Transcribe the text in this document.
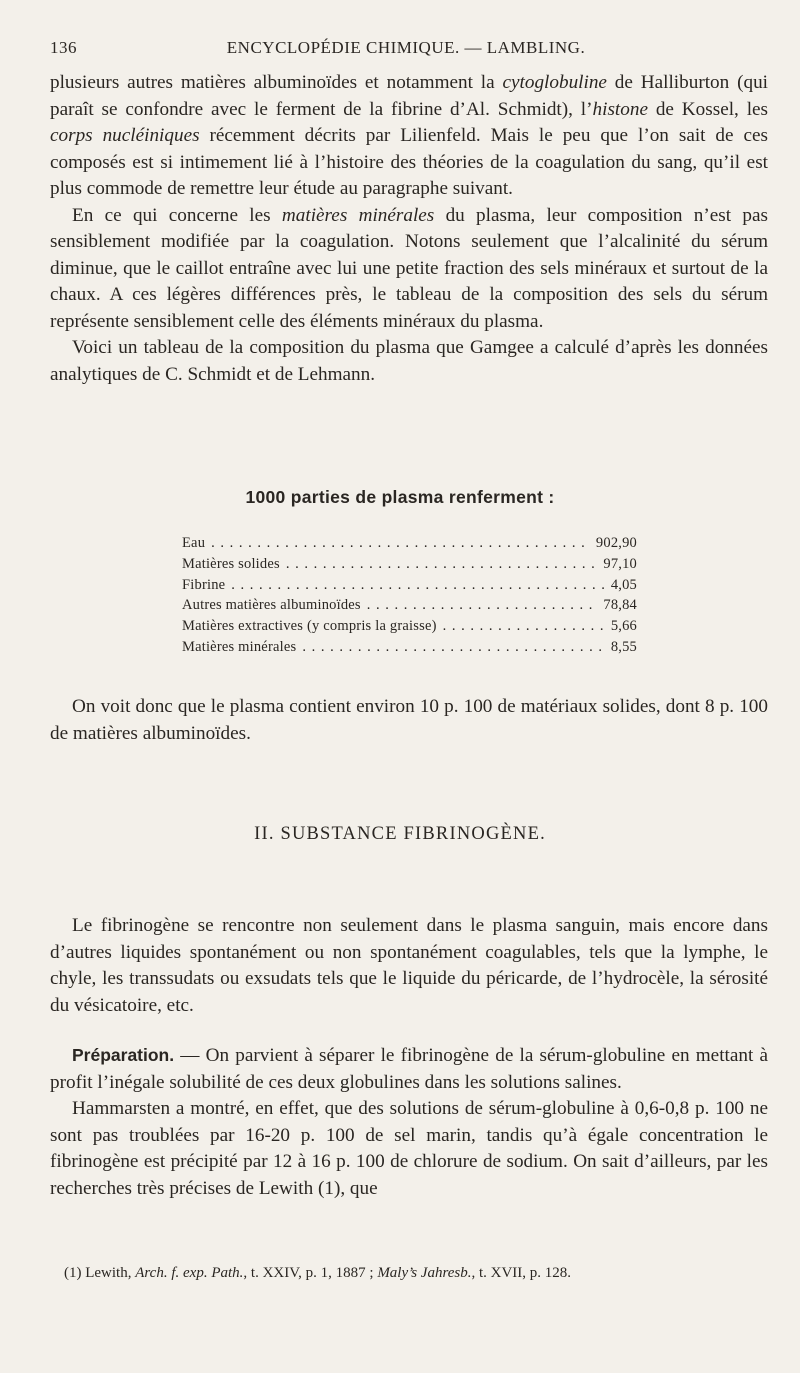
136	ENCYCLOPÉDIE CHIMIQUE. — LAMBLING.

plusieurs autres matières albuminoïdes et notamment la cytoglobuline de Halliburton (qui paraît se confondre avec le ferment de la fibrine d’Al. Schmidt), l’histone de Kossel, les corps nucléiniques récemment décrits par Lilienfeld. Mais le peu que l’on sait de ces composés est si intimement lié à l’histoire des théories de la coagulation du sang, qu’il est plus commode de remettre leur étude au paragraphe suivant.

En ce qui concerne les matières minérales du plasma, leur composition n’est pas sensiblement modifiée par la coagulation. Notons seulement que l’alcalinité du sérum diminue, que le caillot entraîne avec lui une petite fraction des sels minéraux et surtout de la chaux. A ces légères différences près, le tableau de la composition des sels du sérum représente sensiblement celle des éléments minéraux du plasma.

Voici un tableau de la composition du plasma que Gamgee a calculé d’après les données analytiques de C. Schmidt et de Lehmann.

1000 parties de plasma renferment :
Eau . . .	902,90
Matières solides . . .	97,10
Fibrine . . .	4,05
Autres matières albuminoïdes . . .	78,84
Matières extractives (y compris la graisse) . . .	5,66
Matières minérales . . .	8,55

On voit donc que le plasma contient environ 10 p. 100 de matériaux solides, dont 8 p. 100 de matières albuminoïdes.

II. SUBSTANCE FIBRINOGÈNE.

Le fibrinogène se rencontre non seulement dans le plasma sanguin, mais encore dans d’autres liquides spontanément ou non spontanément coagulables, tels que la lymphe, le chyle, les transsudats ou exsudats tels que le liquide du péricarde, de l’hydrocèle, la sérosité du vésicatoire, etc.

Préparation. — On parvient à séparer le fibrinogène de la sérum-globuline en mettant à profit l’inégale solubilité de ces deux globulines dans les solutions salines.

Hammarsten a montré, en effet, que des solutions de sérum-globuline à 0,6-0,8 p. 100 ne sont pas troublées par 16-20 p. 100 de sel marin, tandis qu’à égale concentration le fibrinogène est précipité par 12 à 16 p. 100 de chlorure de sodium. On sait d’ailleurs, par les recherches très précises de Lewith (1), que

(1) Lewith, Arch. f. exp. Path., t. XXIV, p. 1, 1887 ; Maly’s Jahresb., t. XVII, p. 128.
